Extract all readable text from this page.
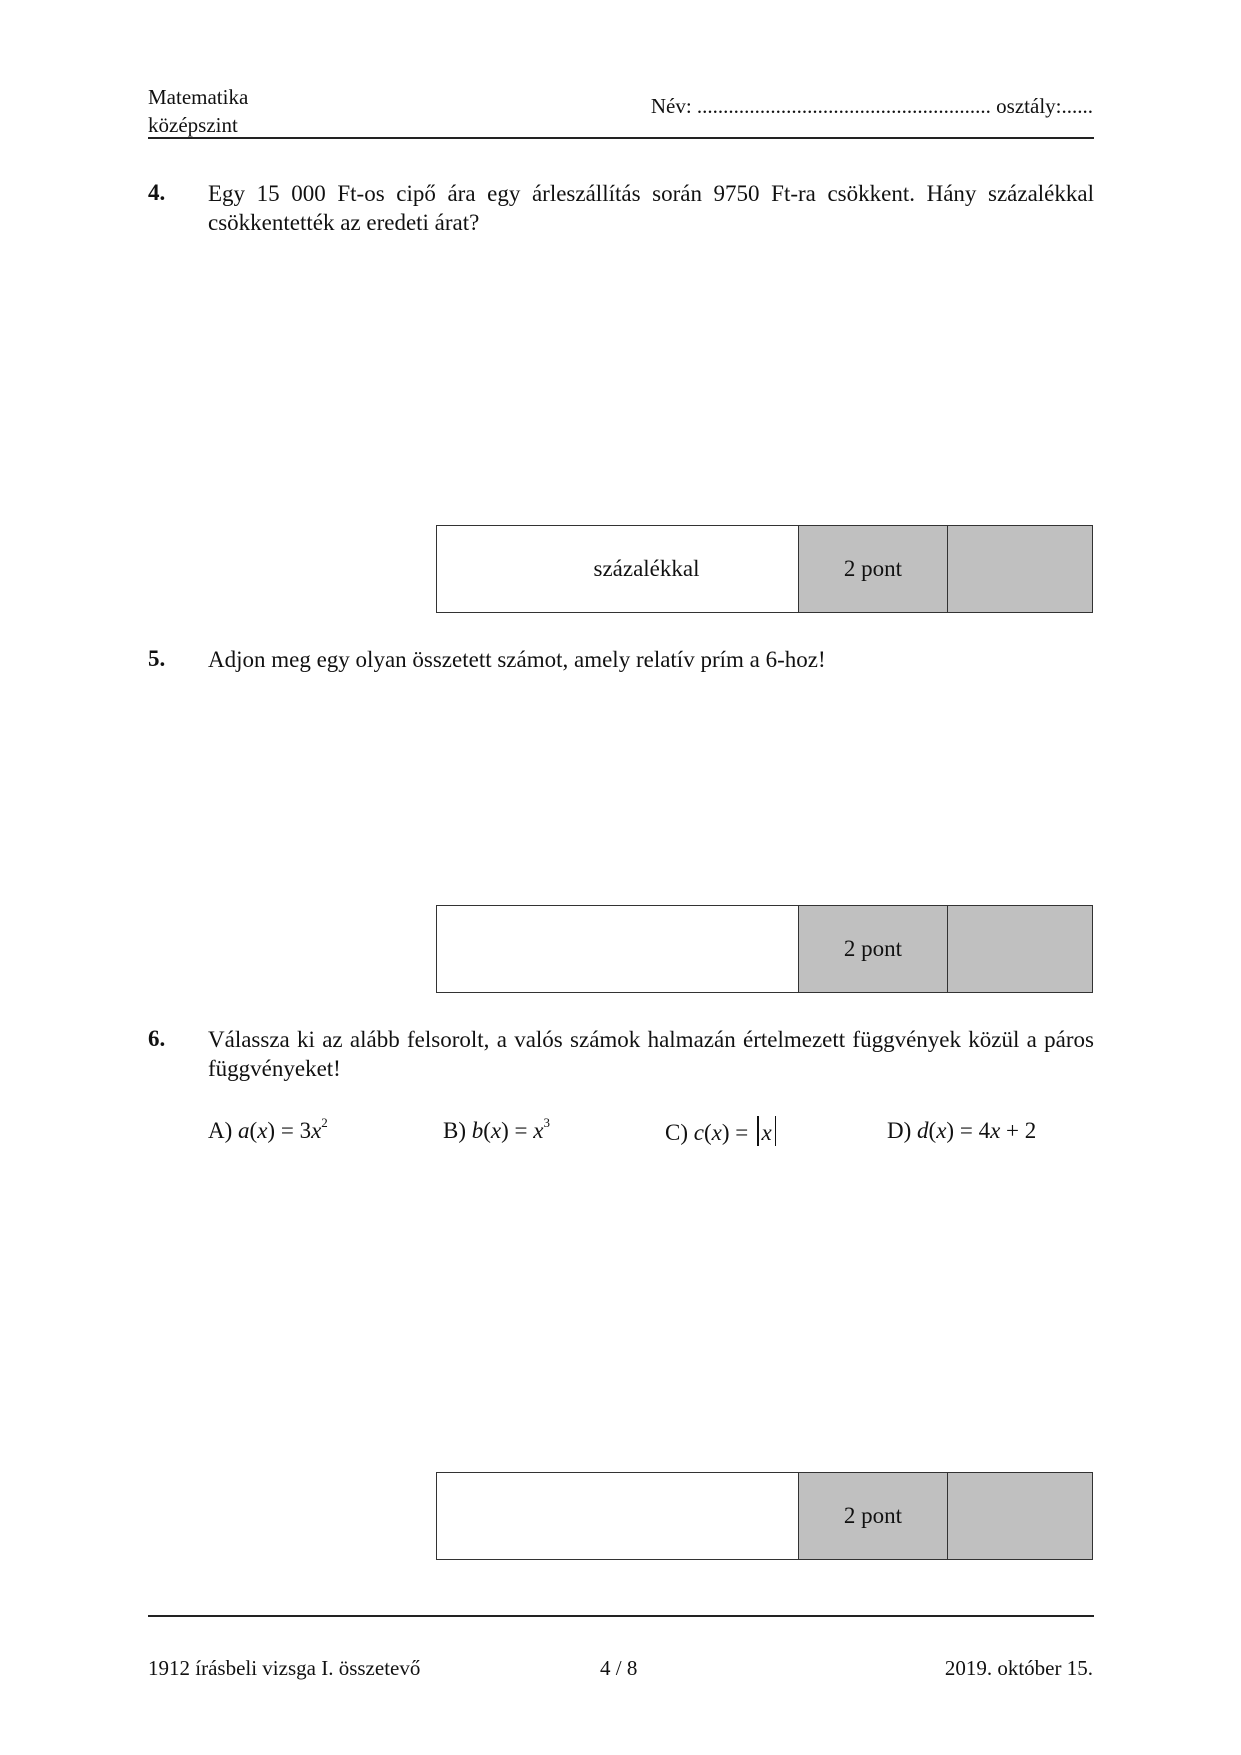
Matematika
középszint
Név: ........................................................ osztály:......
4. Egy 15 000 Ft-os cipő ára egy árleszállítás során 9750 Ft-ra csökkent. Hány százalékkal csökkentették az eredeti árat?
százalékkal	2 pont
5. Adjon meg egy olyan összetett számot, amely relatív prím a 6-hoz!
2 pont
6. Válassza ki az alább felsorolt, a valós számok halmazán értelmezett függvények közül a páros függvényeket!
A) $a(x) = 3x^2$	B) $b(x) = x^3$	C) c(x) = x	D) d(x) = 4x + 2
2 pont
1912 írásbeli vizsga I. összetevő	4 / 8	2019. október 15.
